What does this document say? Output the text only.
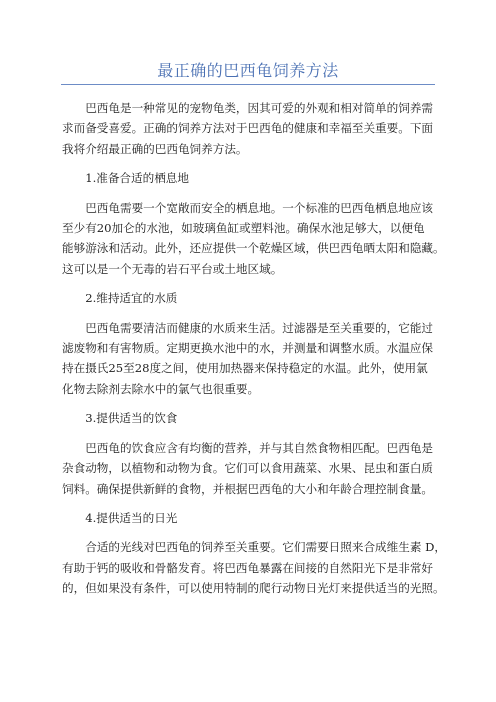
最正确的巴西龟饲养方法

巴西龟是一种常见的宠物龟类，因其可爱的外观和相对简单的饲养需
求而备受喜爱。正确的饲养方法对于巴西龟的健康和幸福至关重要。下面
我将介绍最正确的巴西龟饲养方法。

1.准备合适的栖息地

巴西龟需要一个宽敞而安全的栖息地。一个标准的巴西龟栖息地应该
至少有20加仑的水池，如玻璃鱼缸或塑料池。确保水池足够大，以便龟
能够游泳和活动。此外，还应提供一个乾燥区域，供巴西龟晒太阳和隐藏。
这可以是一个无毒的岩石平台或土地区域。

2.维持适宜的水质

巴西龟需要清洁而健康的水质来生活。过滤器是至关重要的，它能过
滤废物和有害物质。定期更换水池中的水，并测量和调整水质。水温应保
持在摄氏25至28度之间，使用加热器来保持稳定的水温。此外，使用氯
化物去除剂去除水中的氯气也很重要。

3.提供适当的饮食

巴西龟的饮食应含有均衡的营养，并与其自然食物相匹配。巴西龟是
杂食动物，以植物和动物为食。它们可以食用蔬菜、水果、昆虫和蛋白质
饲料。确保提供新鲜的食物，并根据巴西龟的大小和年龄合理控制食量。

4.提供适当的日光

合适的光线对巴西龟的饲养至关重要。它们需要日照来合成维生素 D，
有助于钙的吸收和骨骼发育。将巴西龟暴露在间接的自然阳光下是非常好
的，但如果没有条件，可以使用特制的爬行动物日光灯来提供适当的光照。
